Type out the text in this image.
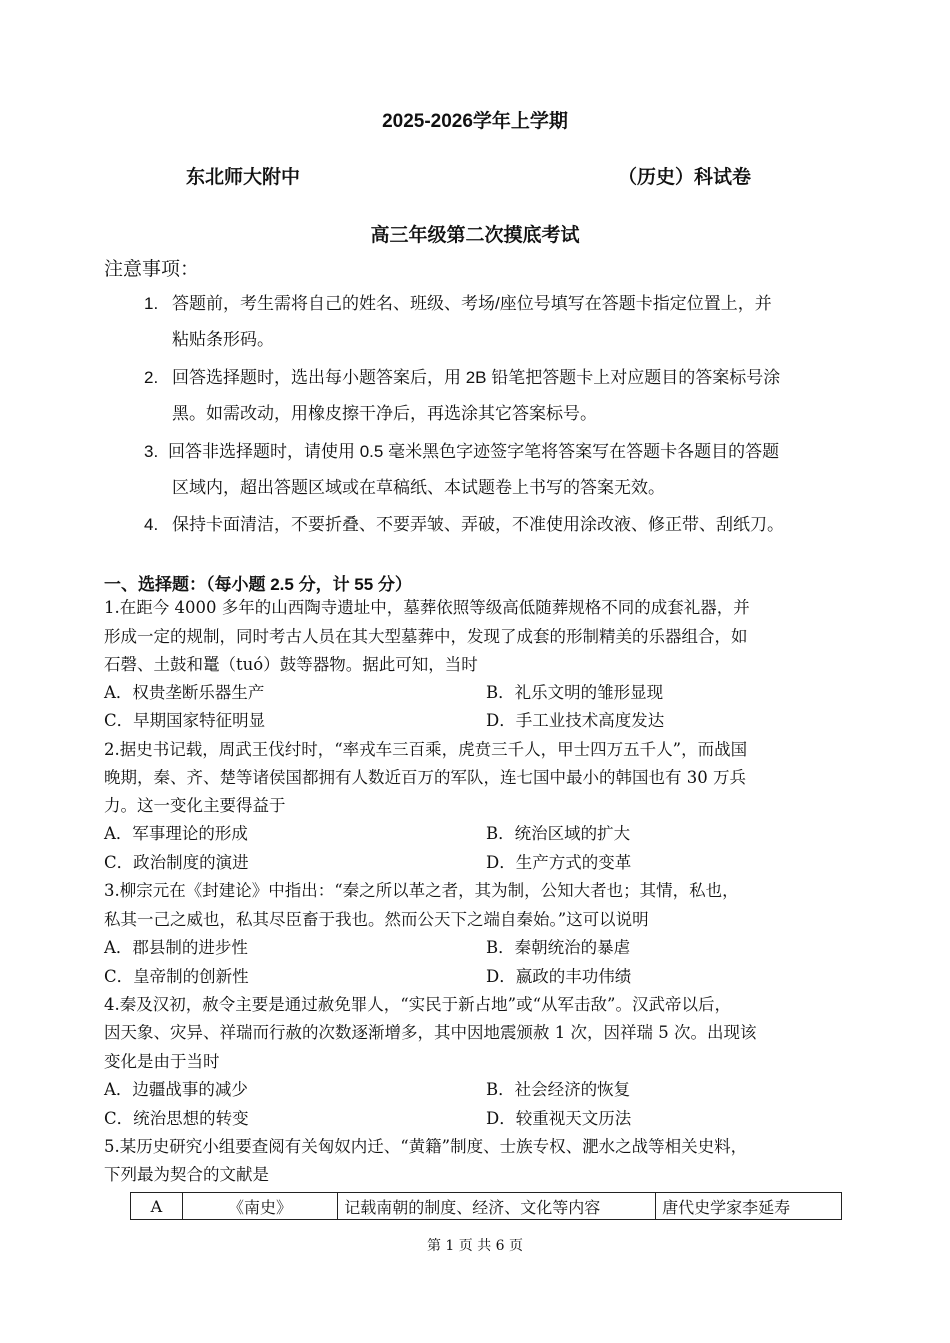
2025-2026学年上学期
东北师大附中	（历史）科试卷
高三年级第二次摸底考试
注意事项：
1. 答题前，考生需将自己的姓名、班级、考场/座位号填写在答题卡指定位置上，并
粘贴条形码。
2. 回答选择题时，选出每小题答案后，用 2B 铅笔把答题卡上对应题目的答案标号涂
黑。如需改动，用橡皮擦干净后，再选涂其它答案标号。
3. 回答非选择题时，请使用 0.5 毫米黑色字迹签字笔将答案写在答题卡各题目的答题
区域内，超出答题区域或在草稿纸、本试题卷上书写的答案无效。
4. 保持卡面清洁，不要折叠、不要弄皱、弄破，不准使用涂改液、修正带、刮纸刀。
一、选择题：（每小题 2.5 分，计 55 分）
1.在距今 4000 多年的山西陶寺遗址中，墓葬依照等级高低随葬规格不同的成套礼器，并
形成一定的规制，同时考古人员在其大型墓葬中，发现了成套的形制精美的乐器组合，如
石磬、土鼓和鼍（tuó）鼓等器物。据此可知，当时
A．权贵垄断乐器生产	B．礼乐文明的雏形显现
C．早期国家特征明显	D．手工业技术高度发达
2.据史书记载，周武王伐纣时，“率戎车三百乘，虎贲三千人，甲士四万五千人”，而战国
晚期，秦、齐、楚等诸侯国都拥有人数近百万的军队，连七国中最小的韩国也有 30 万兵
力。这一变化主要得益于
A．军事理论的形成	B．统治区域的扩大
C．政治制度的演进	D．生产方式的变革
3.柳宗元在《封建论》中指出：“秦之所以革之者，其为制，公知大者也；其情，私也，
私其一己之威也，私其尽臣畜于我也。然而公天下之端自秦始。”这可以说明
A．郡县制的进步性	B．秦朝统治的暴虐
C．皇帝制的创新性	D．嬴政的丰功伟绩
4.秦及汉初，赦令主要是通过赦免罪人，“实民于新占地”或“从军击敌”。汉武帝以后，
因天象、灾异、祥瑞而行赦的次数逐渐增多，其中因地震颁赦 1 次，因祥瑞 5 次。出现该
变化是由于当时
A．边疆战事的减少	B．社会经济的恢复
C．统治思想的转变	D．较重视天文历法
5.某历史研究小组要查阅有关匈奴内迁、“黄籍”制度、士族专权、淝水之战等相关史料，
下列最为契合的文献是
A	《南史》	记载南朝的制度、经济、文化等内容	唐代史学家李延寿
第 1 页 共 6 页
